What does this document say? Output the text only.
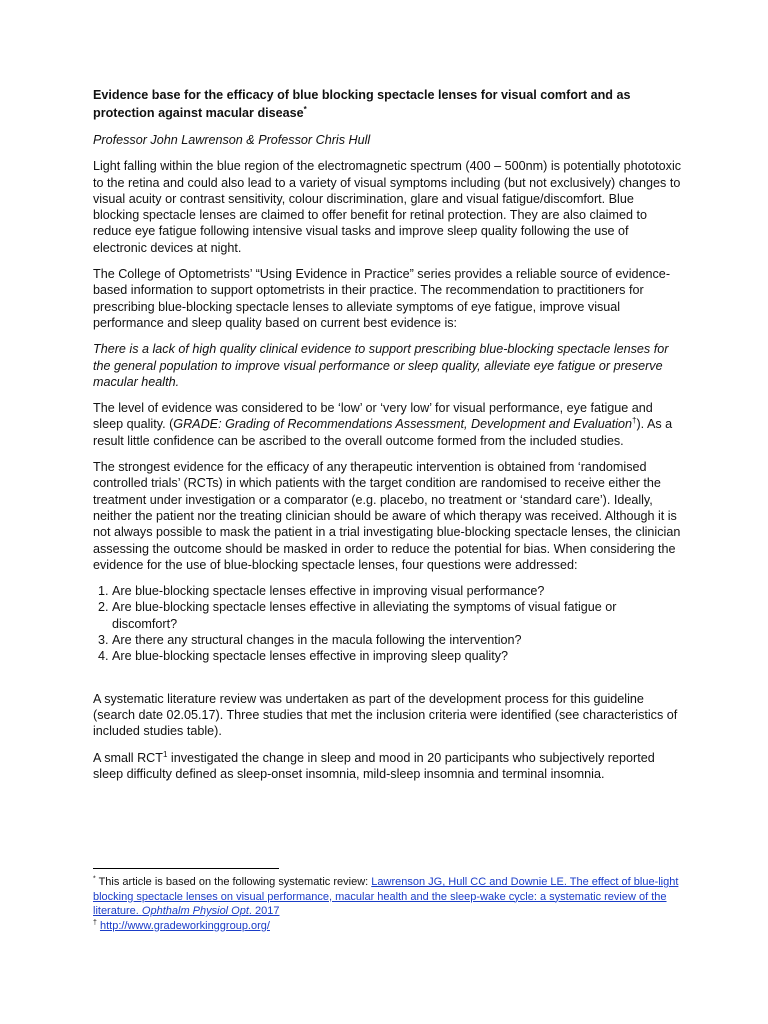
Evidence base for the efficacy of blue blocking spectacle lenses for visual comfort and as protection against macular disease*

Professor John Lawrenson & Professor Chris Hull

Light falling within the blue region of the electromagnetic spectrum (400 – 500nm) is potentially phototoxic to the retina and could also lead to a variety of visual symptoms including (but not exclusively) changes to visual acuity or contrast sensitivity, colour discrimination, glare and visual fatigue/discomfort. Blue blocking spectacle lenses are claimed to offer benefit for retinal protection. They are also claimed to reduce eye fatigue following intensive visual tasks and improve sleep quality following the use of electronic devices at night.

The College of Optometrists’ “Using Evidence in Practice” series provides a reliable source of evidence-based information to support optometrists in their practice. The recommendation to practitioners for prescribing blue-blocking spectacle lenses to alleviate symptoms of eye fatigue, improve visual performance and sleep quality based on current best evidence is:

There is a lack of high quality clinical evidence to support prescribing blue-blocking spectacle lenses for the general population to improve visual performance or sleep quality, alleviate eye fatigue or preserve macular health.

The level of evidence was considered to be ‘low’ or ‘very low’ for visual performance, eye fatigue and sleep quality. (GRADE: Grading of Recommendations Assessment, Development and Evaluation†). As a result little confidence can be ascribed to the overall outcome formed from the included studies.

The strongest evidence for the efficacy of any therapeutic intervention is obtained from ‘randomised controlled trials’ (RCTs) in which patients with the target condition are randomised to receive either the treatment under investigation or a comparator (e.g. placebo, no treatment or ‘standard care’). Ideally, neither the patient nor the treating clinician should be aware of which therapy was received. Although it is not always possible to mask the patient in a trial investigating blue-blocking spectacle lenses, the clinician assessing the outcome should be masked in order to reduce the potential for bias. When considering the evidence for the use of blue-blocking spectacle lenses, four questions were addressed:

1. Are blue-blocking spectacle lenses effective in improving visual performance?
2. Are blue-blocking spectacle lenses effective in alleviating the symptoms of visual fatigue or discomfort?
3. Are there any structural changes in the macula following the intervention?
4. Are blue-blocking spectacle lenses effective in improving sleep quality?

A systematic literature review was undertaken as part of the development process for this guideline (search date 02.05.17). Three studies that met the inclusion criteria were identified (see characteristics of included studies table).

A small RCT$^1$ investigated the change in sleep and mood in 20 participants who subjectively reported sleep difficulty defined as sleep-onset insomnia, mild-sleep insomnia and terminal insomnia.

* This article is based on the following systematic review: Lawrenson JG, Hull CC and Downie LE. The effect of blue-light blocking spectacle lenses on visual performance, macular health and the sleep-wake cycle: a systematic review of the literature. Ophthalm Physiol Opt. 2017
† http://www.gradeworkinggroup.org/
